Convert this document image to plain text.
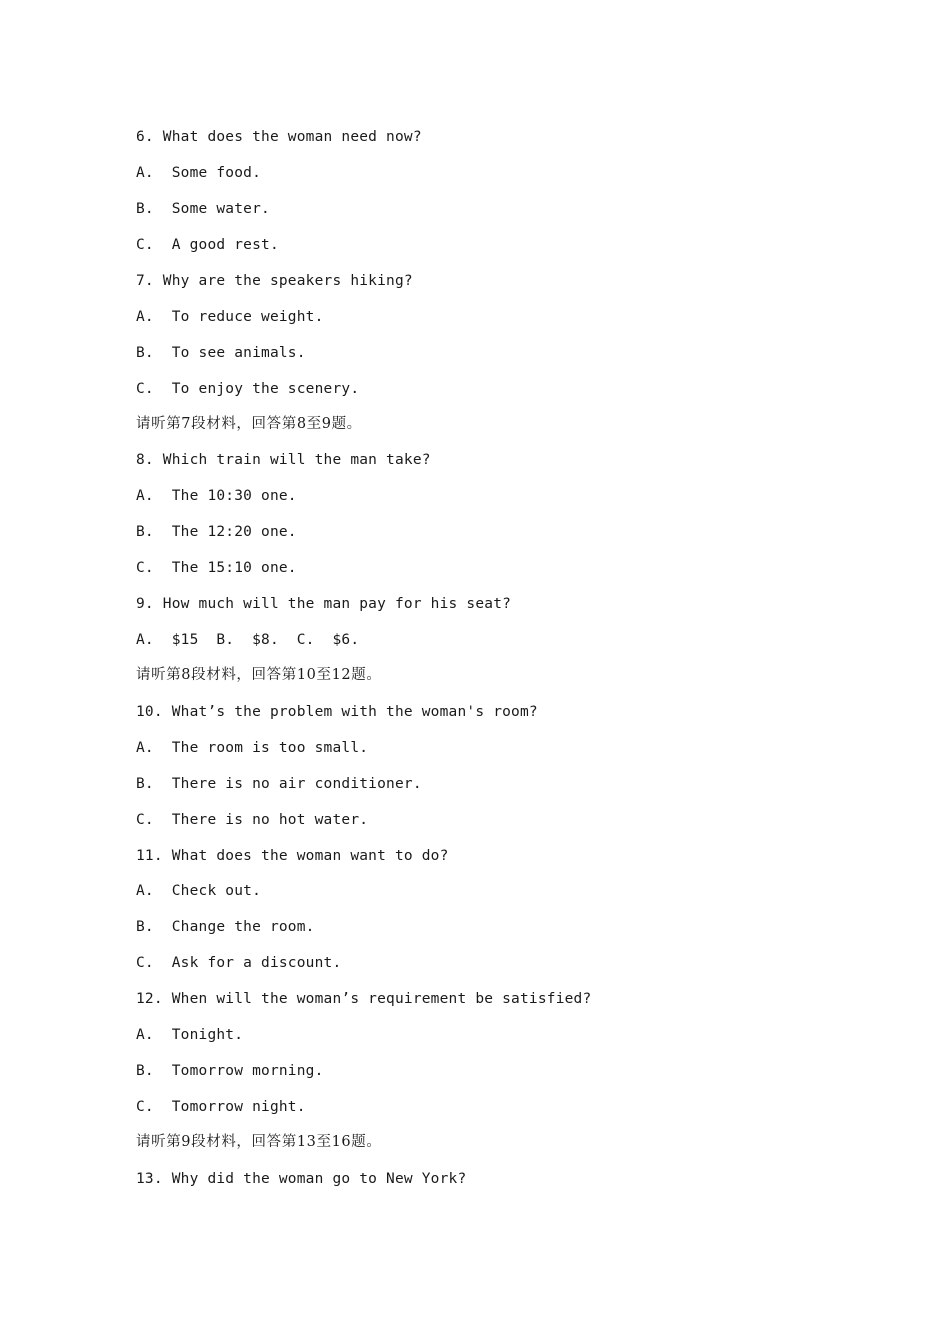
6. What does the woman need now?
A.  Some food.
B.  Some water.
C.  A good rest.
7. Why are the speakers hiking?
A.  To reduce weight.
B.  To see animals.
C.  To enjoy the scenery.
请听第7段材料，回答第8至9题。
8. Which train will the man take?
A.  The 10:30 one.
B.  The 12:20 one.
C.  The 15:10 one.
9. How much will the man pay for his seat?
A.  $15  B.  $8.  C.  $6.
请听第8段材料，回答第10至12题。
10. What’s the problem with the woman's room?
A.  The room is too small.
B.  There is no air conditioner.
C.  There is no hot water.
11. What does the woman want to do?
A.  Check out.
B.  Change the room.
C.  Ask for a discount.
12. When will the woman’s requirement be satisfied?
A.  Tonight.
B.  Tomorrow morning.
C.  Tomorrow night.
请听第9段材料，回答第13至16题。
13. Why did the woman go to New York?
